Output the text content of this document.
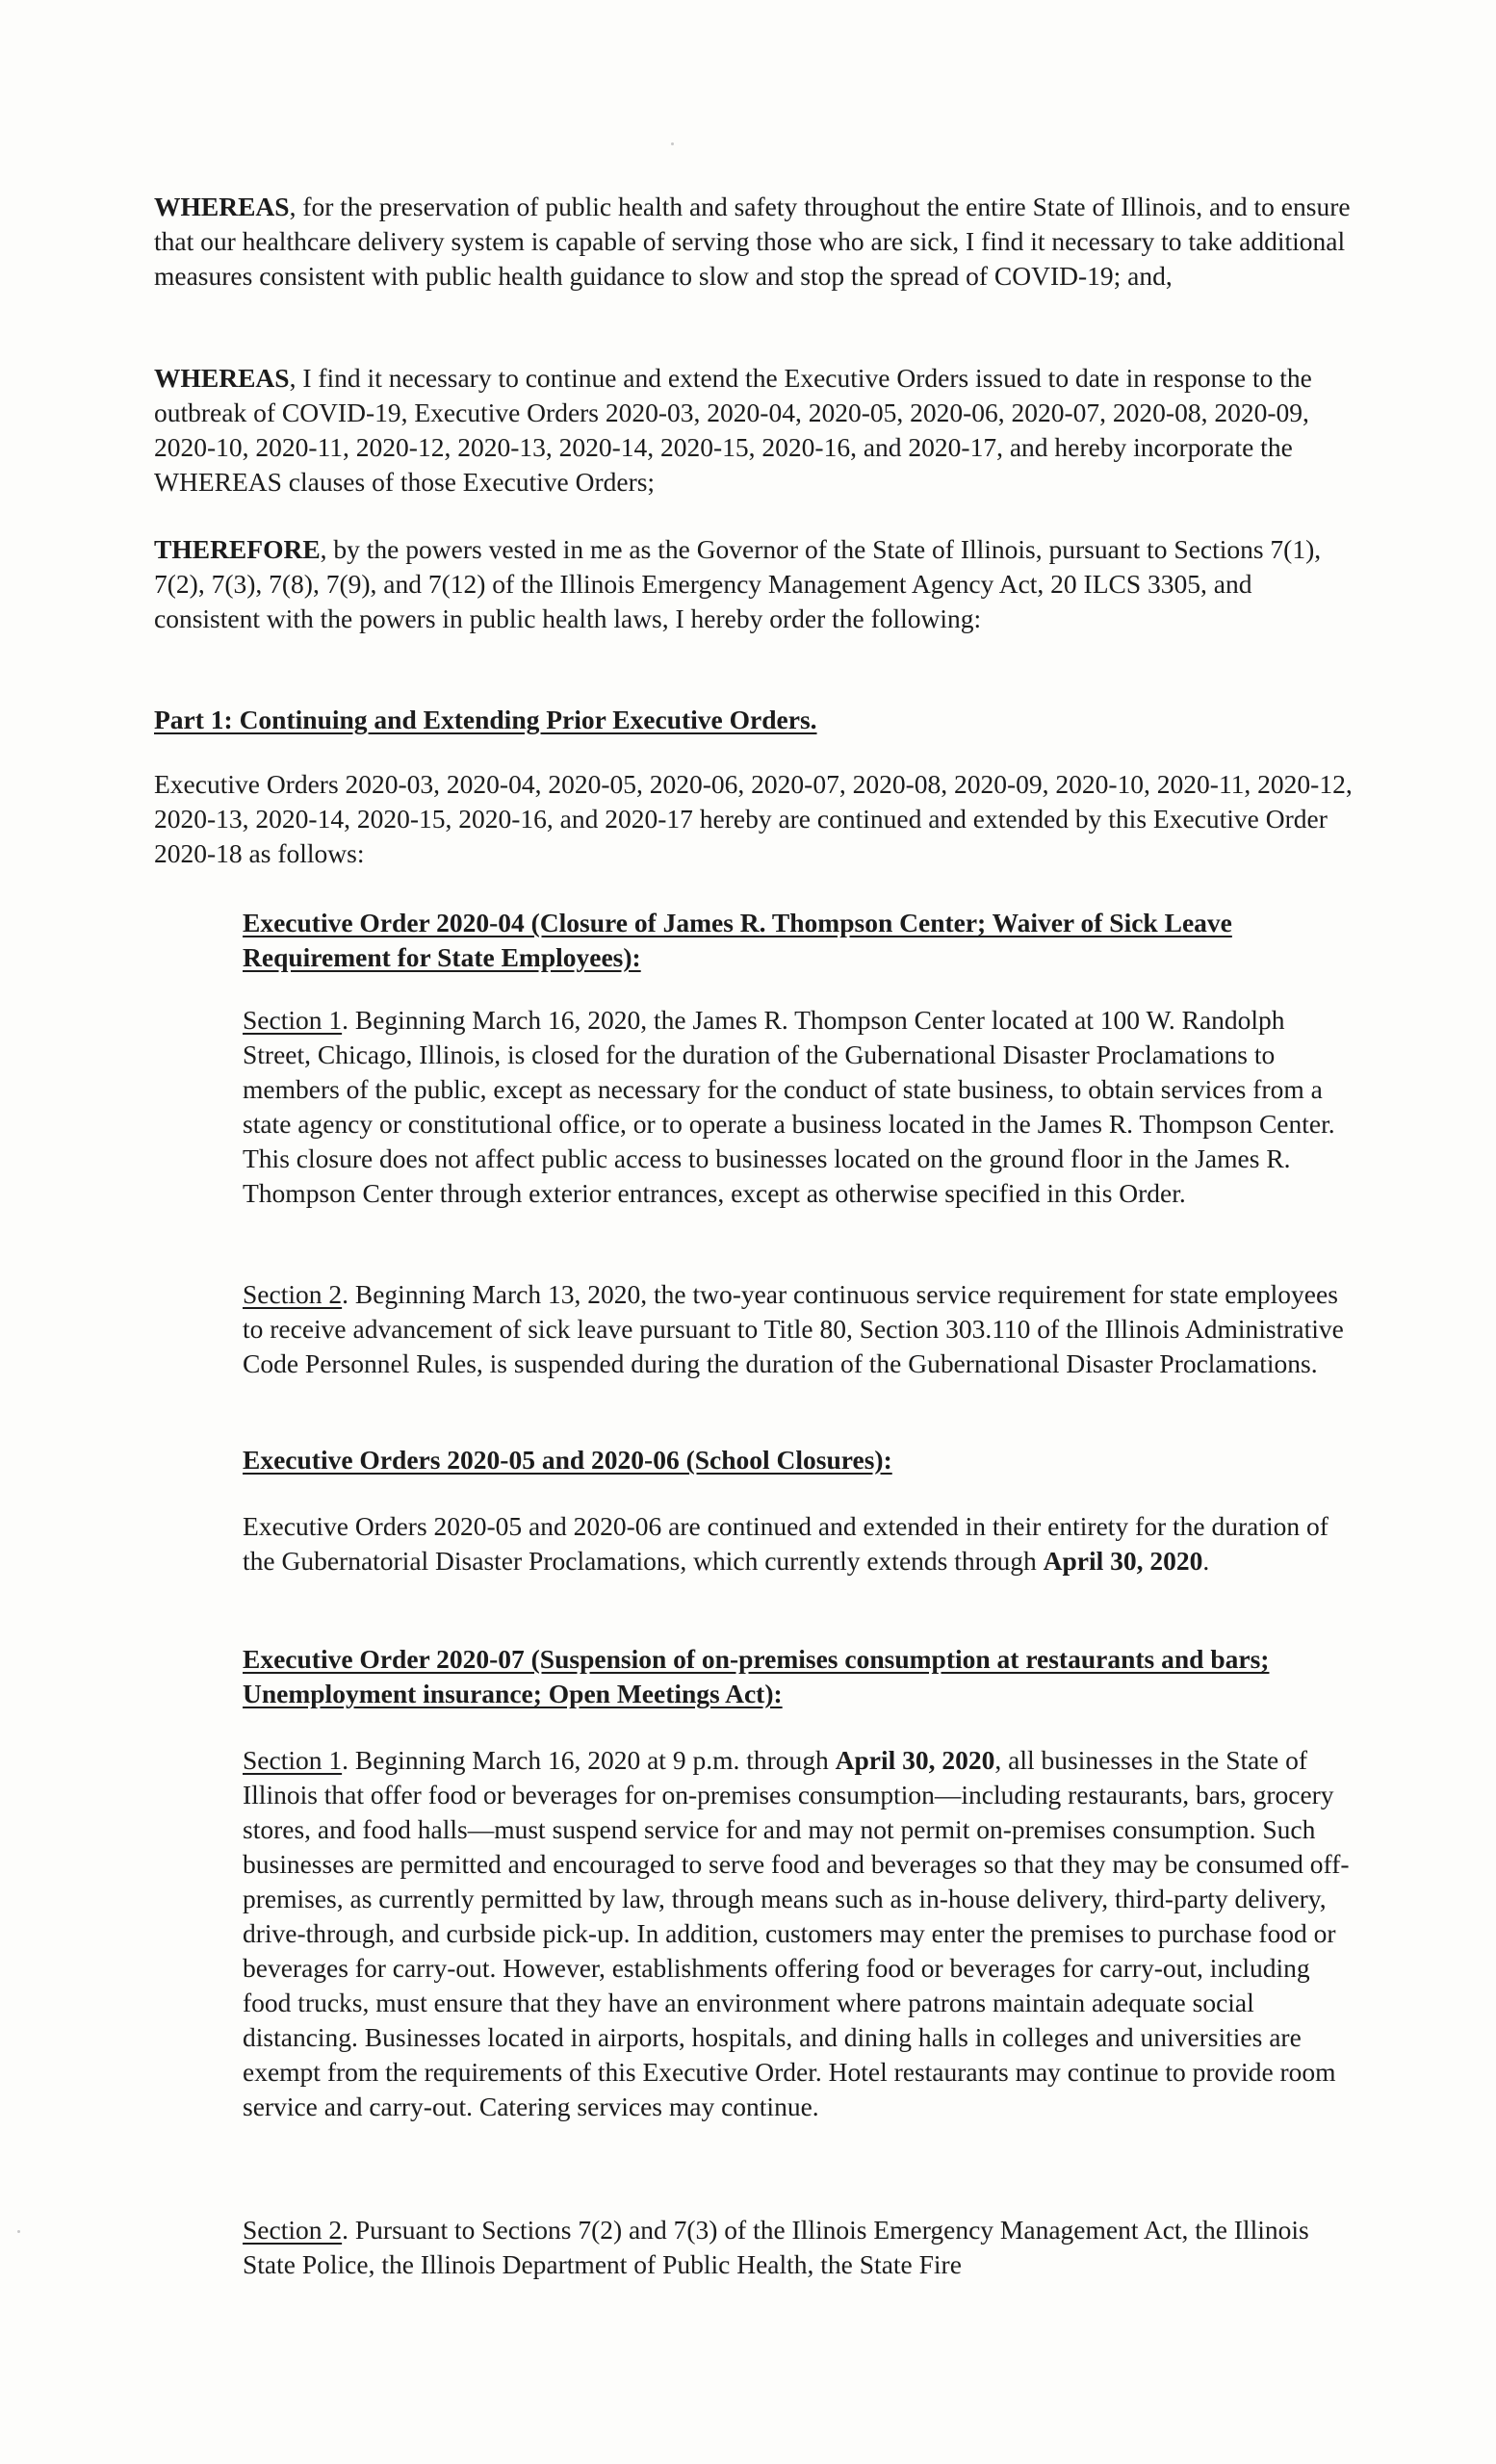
WHEREAS, for the preservation of public health and safety throughout the entire State of Illinois, and to ensure that our healthcare delivery system is capable of serving those who are sick, I find it necessary to take additional measures consistent with public health guidance to slow and stop the spread of COVID-19; and,

WHEREAS, I find it necessary to continue and extend the Executive Orders issued to date in response to the outbreak of COVID-19, Executive Orders 2020-03, 2020-04, 2020-05, 2020-06, 2020-07, 2020-08, 2020-09, 2020-10, 2020-11, 2020-12, 2020-13, 2020-14, 2020-15, 2020-16, and 2020-17, and hereby incorporate the WHEREAS clauses of those Executive Orders;

THEREFORE, by the powers vested in me as the Governor of the State of Illinois, pursuant to Sections 7(1), 7(2), 7(3), 7(8), 7(9), and 7(12) of the Illinois Emergency Management Agency Act, 20 ILCS 3305, and consistent with the powers in public health laws, I hereby order the following:

Part 1: Continuing and Extending Prior Executive Orders.

Executive Orders 2020-03, 2020-04, 2020-05, 2020-06, 2020-07, 2020-08, 2020-09, 2020-10, 2020-11, 2020-12, 2020-13, 2020-14, 2020-15, 2020-16, and 2020-17 hereby are continued and extended by this Executive Order 2020-18 as follows:

Executive Order 2020-04 (Closure of James R. Thompson Center; Waiver of Sick Leave Requirement for State Employees):

Section 1. Beginning March 16, 2020, the James R. Thompson Center located at 100 W. Randolph Street, Chicago, Illinois, is closed for the duration of the Gubernational Disaster Proclamations to members of the public, except as necessary for the conduct of state business, to obtain services from a state agency or constitutional office, or to operate a business located in the James R. Thompson Center. This closure does not affect public access to businesses located on the ground floor in the James R. Thompson Center through exterior entrances, except as otherwise specified in this Order.

Section 2. Beginning March 13, 2020, the two-year continuous service requirement for state employees to receive advancement of sick leave pursuant to Title 80, Section 303.110 of the Illinois Administrative Code Personnel Rules, is suspended during the duration of the Gubernational Disaster Proclamations.

Executive Orders 2020-05 and 2020-06 (School Closures):

Executive Orders 2020-05 and 2020-06 are continued and extended in their entirety for the duration of the Gubernatorial Disaster Proclamations, which currently extends through April 30, 2020.

Executive Order 2020-07 (Suspension of on-premises consumption at restaurants and bars; Unemployment insurance; Open Meetings Act):

Section 1. Beginning March 16, 2020 at 9 p.m. through April 30, 2020, all businesses in the State of Illinois that offer food or beverages for on-premises consumption—including restaurants, bars, grocery stores, and food halls—must suspend service for and may not permit on-premises consumption. Such businesses are permitted and encouraged to serve food and beverages so that they may be consumed off-premises, as currently permitted by law, through means such as in-house delivery, third-party delivery, drive-through, and curbside pick-up. In addition, customers may enter the premises to purchase food or beverages for carry-out. However, establishments offering food or beverages for carry-out, including food trucks, must ensure that they have an environment where patrons maintain adequate social distancing. Businesses located in airports, hospitals, and dining halls in colleges and universities are exempt from the requirements of this Executive Order. Hotel restaurants may continue to provide room service and carry-out. Catering services may continue.

Section 2. Pursuant to Sections 7(2) and 7(3) of the Illinois Emergency Management Act, the Illinois State Police, the Illinois Department of Public Health, the State Fire
